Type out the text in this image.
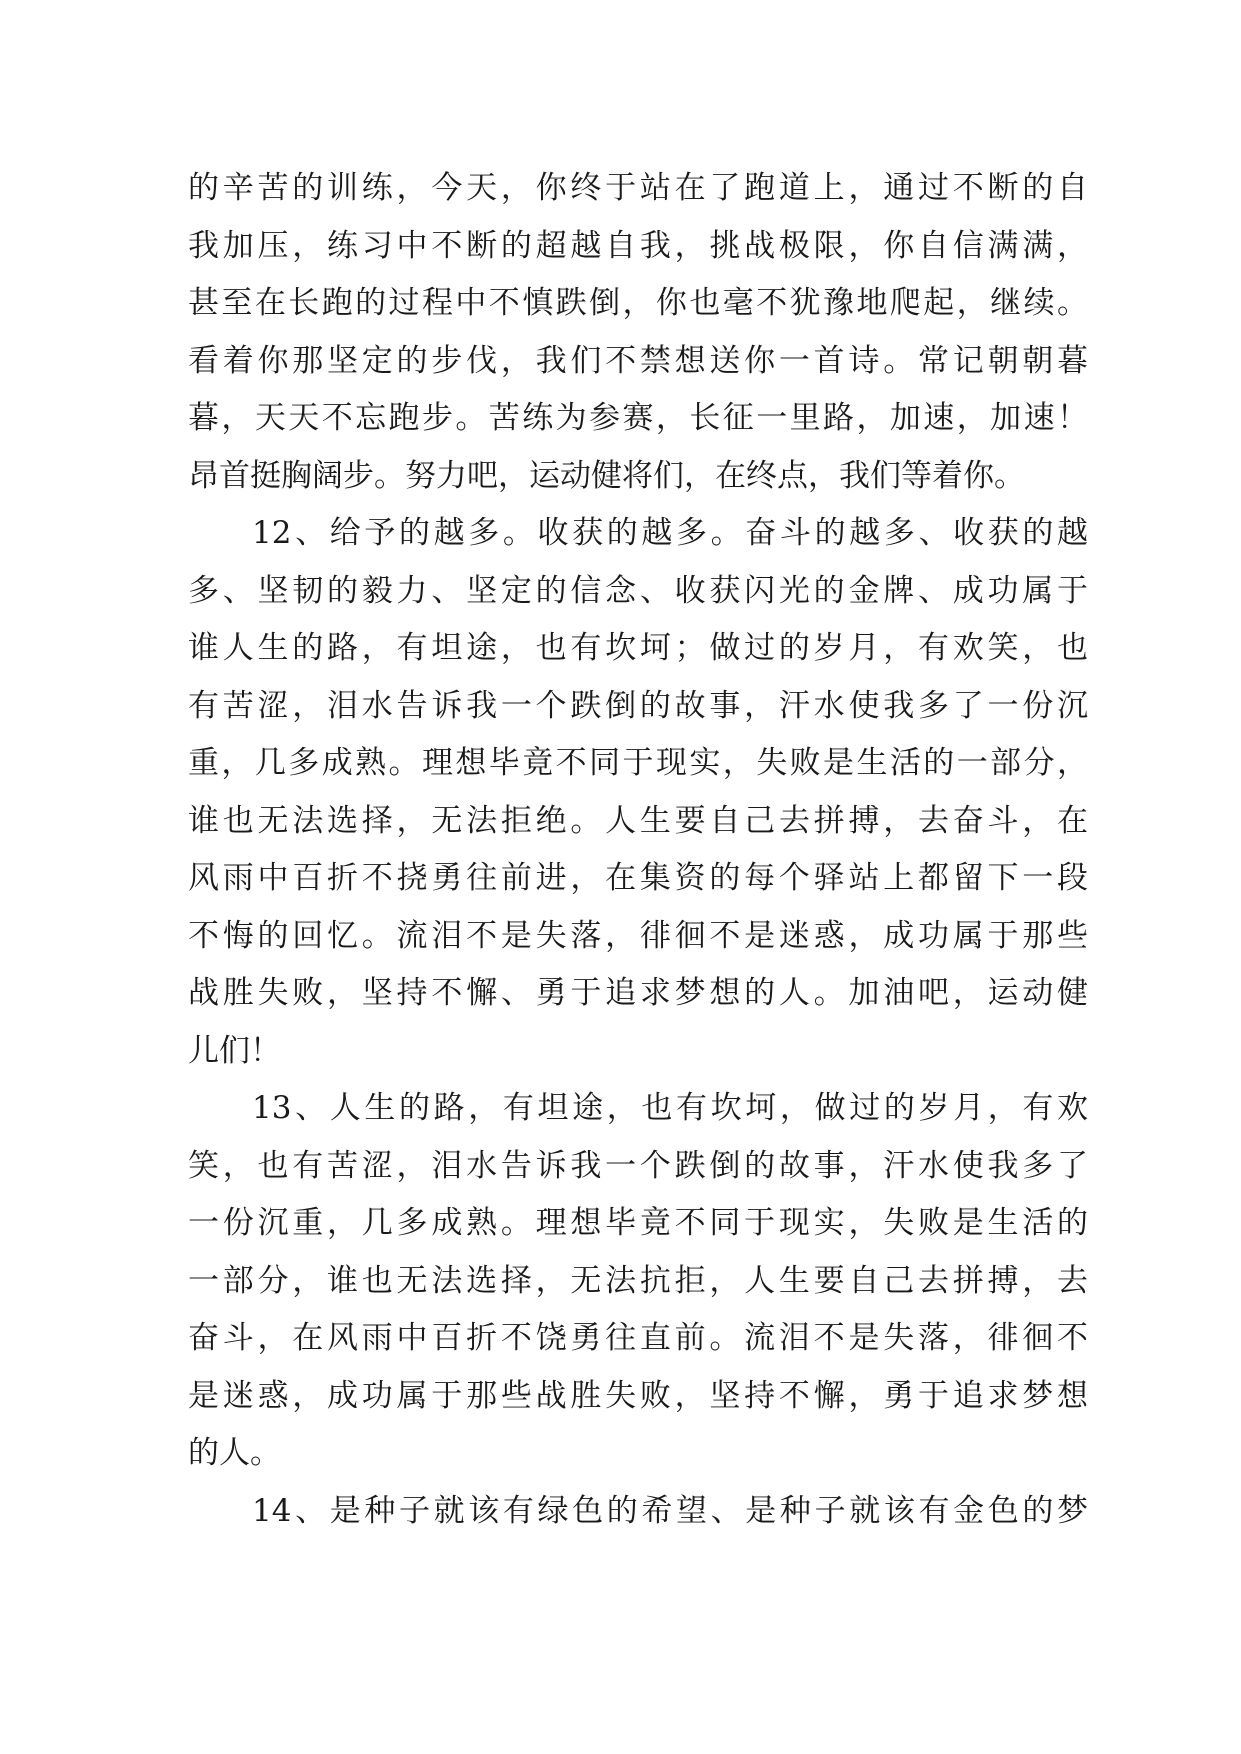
的辛苦的训练，今天，你终于站在了跑道上，通过不断的自
我加压，练习中不断的超越自我，挑战极限，你自信满满，
甚至在长跑的过程中不慎跌倒，你也毫不犹豫地爬起，继续。
看着你那坚定的步伐，我们不禁想送你一首诗。常记朝朝暮
暮，天天不忘跑步。苦练为参赛，长征一里路，加速，加速！
昂首挺胸阔步。努力吧，运动健将们，在终点，我们等着你。
12、给予的越多。收获的越多。奋斗的越多、收获的越
多、坚韧的毅力、坚定的信念、收获闪光的金牌、成功属于
谁人生的路，有坦途，也有坎坷；做过的岁月，有欢笑，也
有苦涩，泪水告诉我一个跌倒的故事，汗水使我多了一份沉
重，几多成熟。理想毕竟不同于现实，失败是生活的一部分，
谁也无法选择，无法拒绝。人生要自己去拼搏，去奋斗，在
风雨中百折不挠勇往前进，在集资的每个驿站上都留下一段
不悔的回忆。流泪不是失落，徘徊不是迷惑，成功属于那些
战胜失败，坚持不懈、勇于追求梦想的人。加油吧，运动健
儿们！
13、人生的路，有坦途，也有坎坷，做过的岁月，有欢
笑，也有苦涩，泪水告诉我一个跌倒的故事，汗水使我多了
一份沉重，几多成熟。理想毕竟不同于现实，失败是生活的
一部分，谁也无法选择，无法抗拒，人生要自己去拼搏，去
奋斗，在风雨中百折不饶勇往直前。流泪不是失落，徘徊不
是迷惑，成功属于那些战胜失败，坚持不懈，勇于追求梦想
的人。
14、是种子就该有绿色的希望、是种子就该有金色的梦
